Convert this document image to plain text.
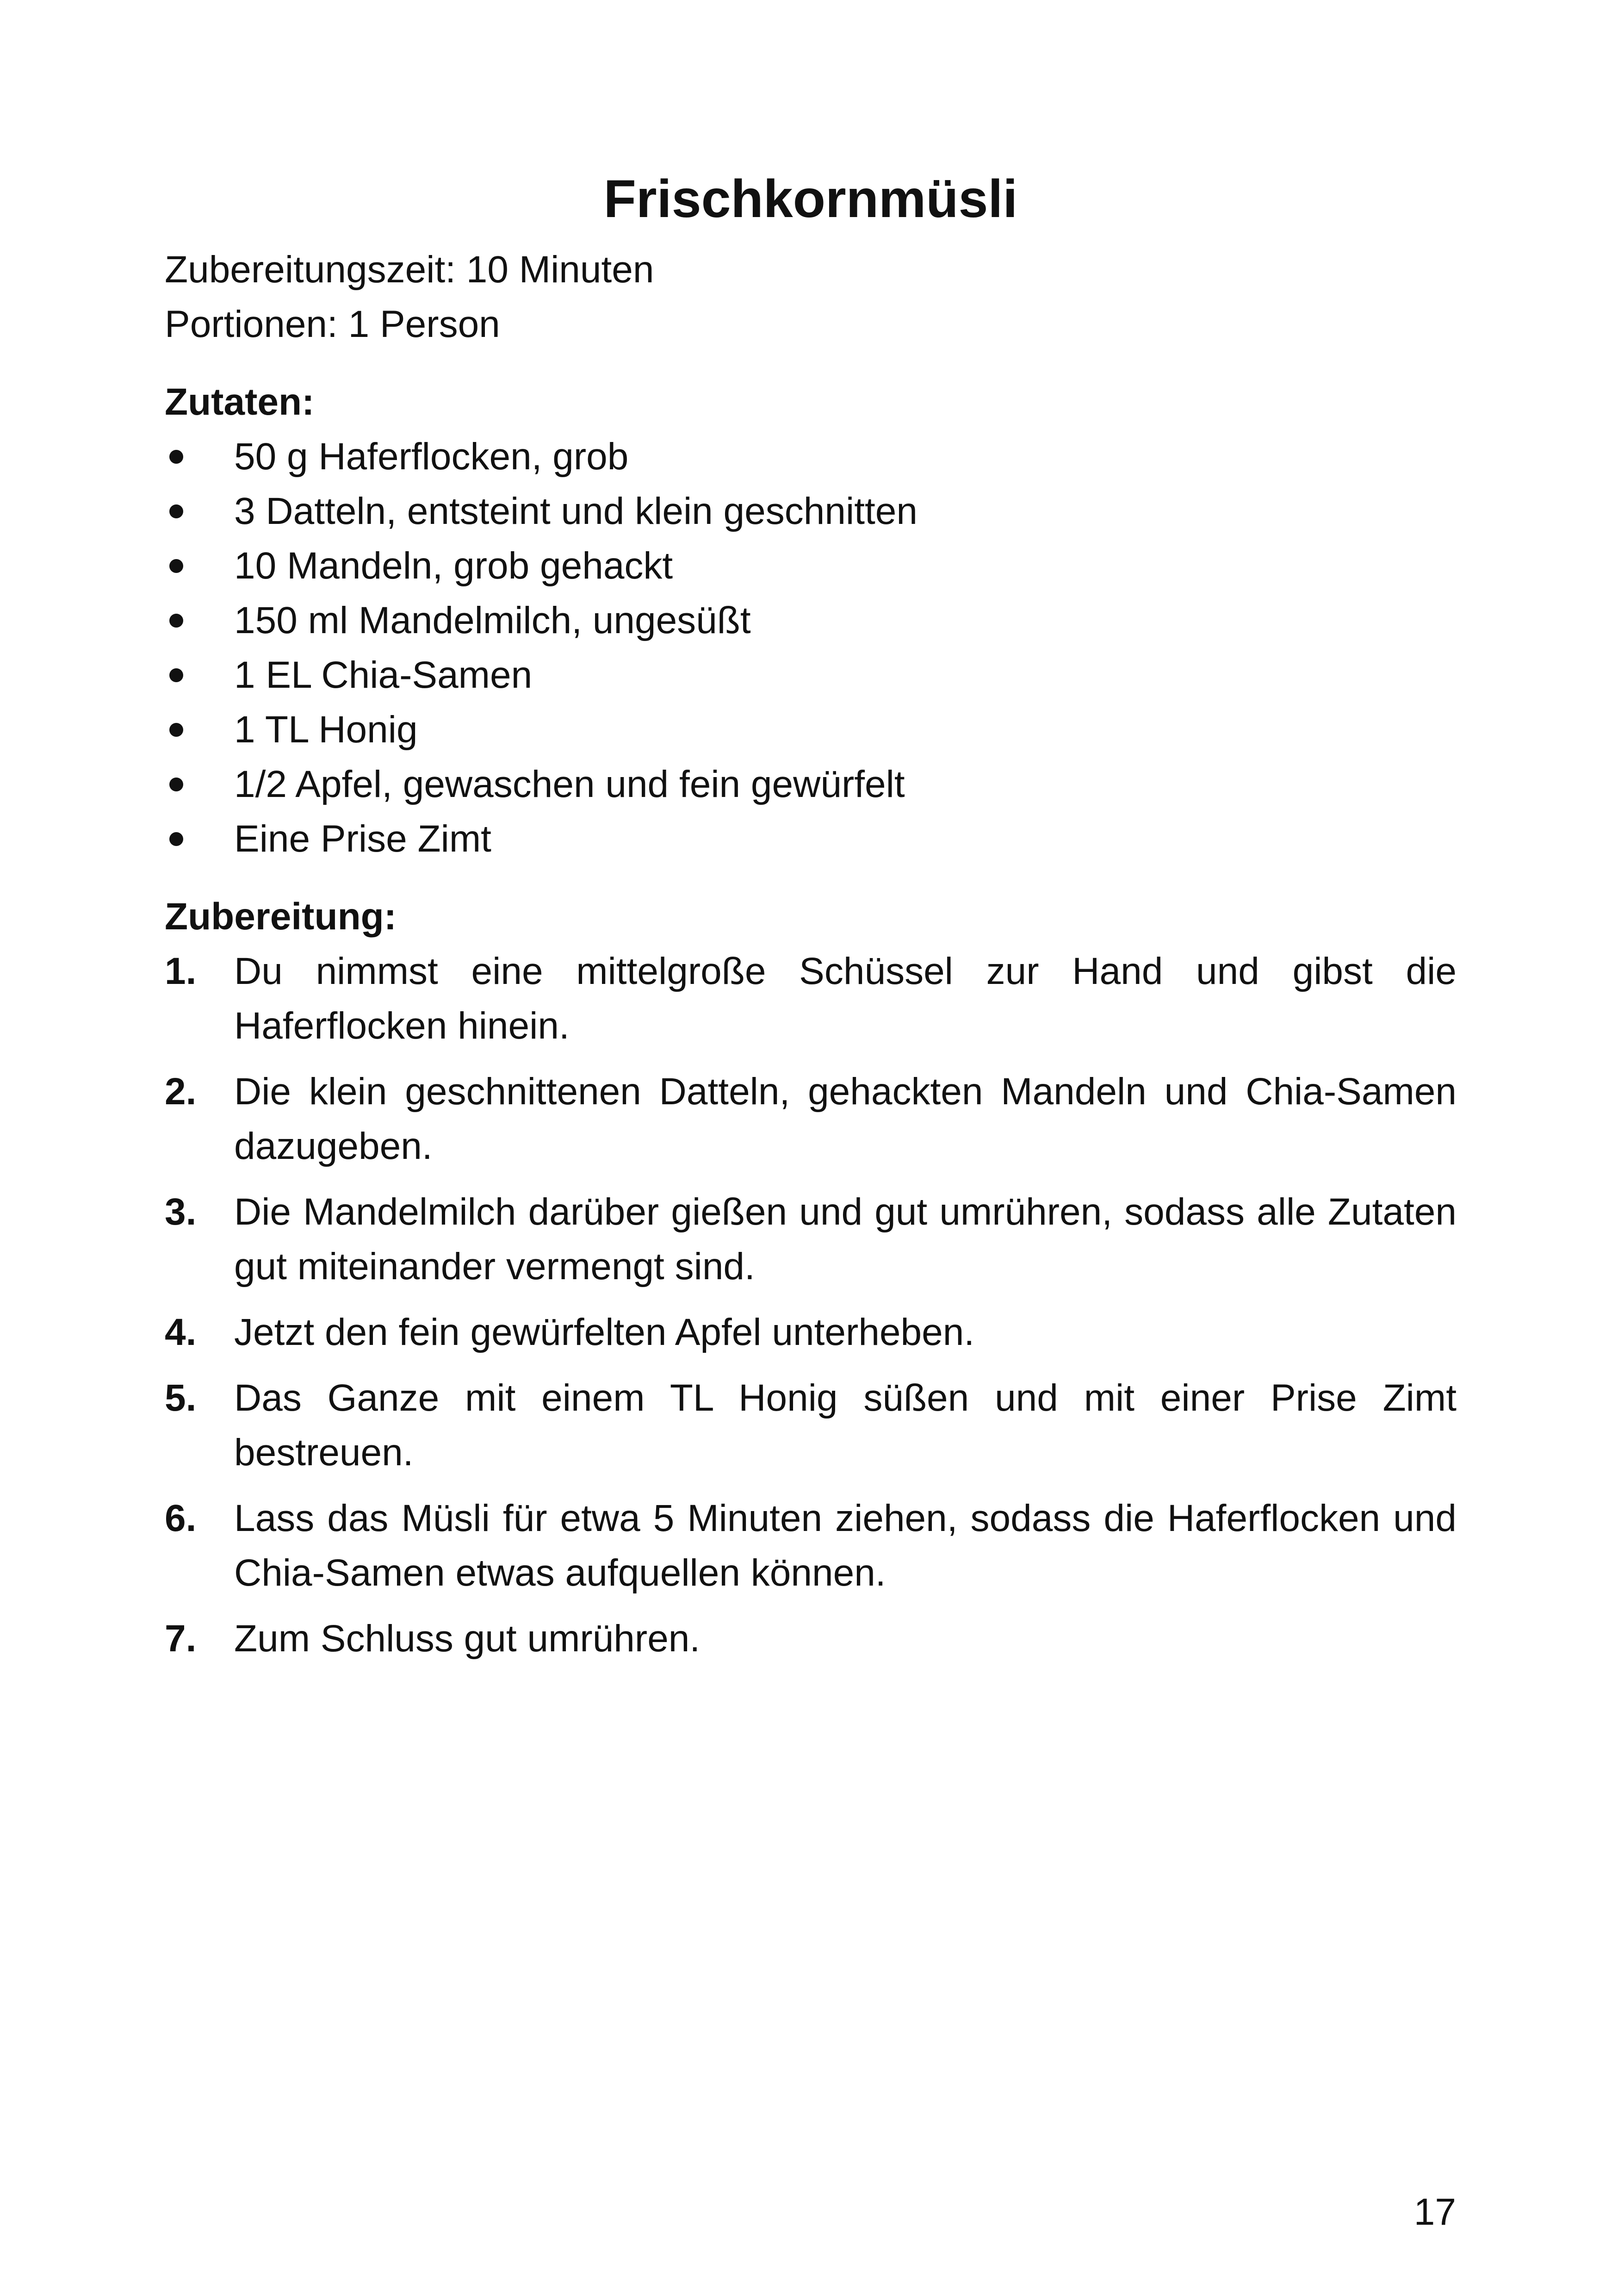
Frischkornmüsli

Zubereitungszeit: 10 Minuten

Portionen: 1 Person

Zutaten:

50 g Haferflocken, grob
3 Datteln, entsteint und klein geschnitten
10 Mandeln, grob gehackt
150 ml Mandelmilch, ungesüßt
1 EL Chia-Samen
1 TL Honig
1/2 Apfel, gewaschen und fein gewürfelt
Eine Prise Zimt

Zubereitung:

1. Du nimmst eine mittelgroße Schüssel zur Hand und gibst die Haferflocken hinein.
2. Die klein geschnittenen Datteln, gehackten Mandeln und Chia-Samen dazugeben.
3. Die Mandelmilch darüber gießen und gut umrühren, sodass alle Zutaten gut miteinander vermengt sind.
4. Jetzt den fein gewürfelten Apfel unterheben.
5. Das Ganze mit einem TL Honig süßen und mit einer Prise Zimt bestreuen.
6. Lass das Müsli für etwa 5 Minuten ziehen, sodass die Haferflocken und Chia-Samen etwas aufquellen können.
7. Zum Schluss gut umrühren.
17
